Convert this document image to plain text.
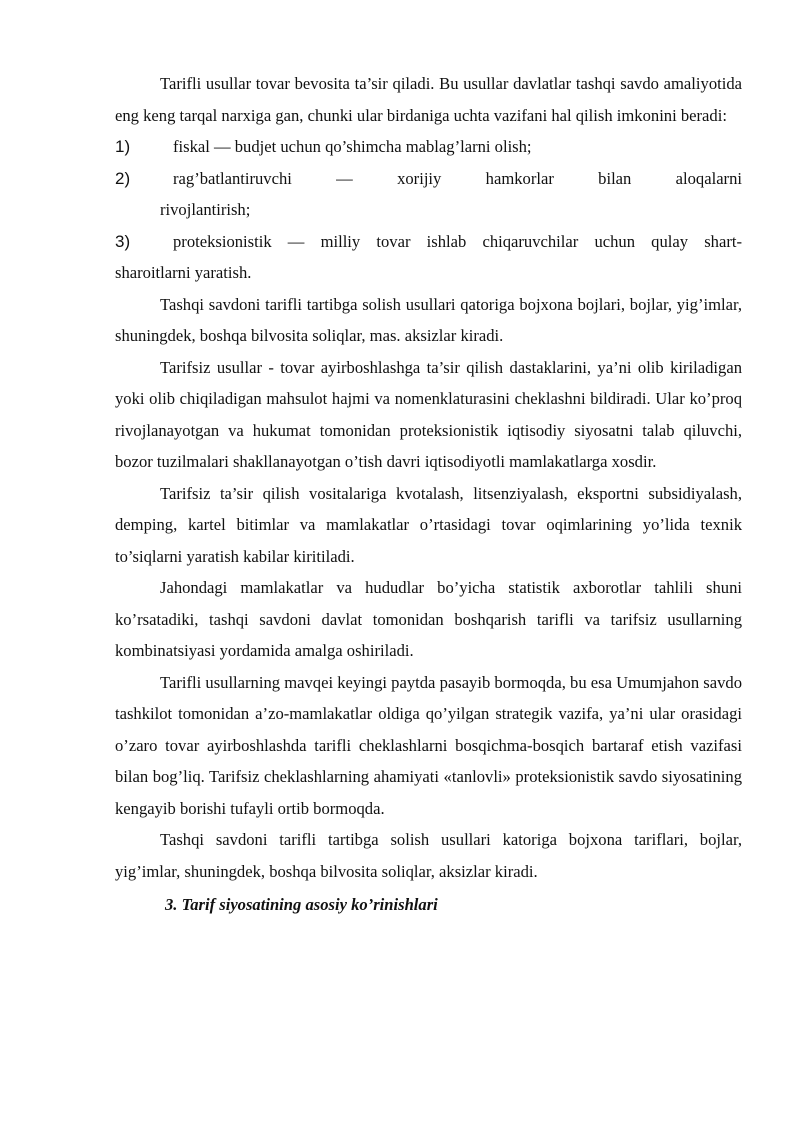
Tarifli usullar tovar bevosita ta’sir qiladi. Bu usullar davlatlar tashqi savdo amaliyotida eng keng tarqal narxiga gan, chunki ular birdaniga uchta vazifani hal qilish imkonini beradi:

1)	fiskal — budjet uchun qo’shimcha mablag’larni olish;
2)	rag’batlantiruvchi — xorijiy hamkorlar bilan aloqalarni
rivojlantirish;
3)	proteksionistik — milliy tovar ishlab chiqaruvchilar uchun qulay shart-
sharoitlarni yaratish.

Tashqi savdoni tarifli tartibga solish usullari qatoriga bojxona bojlari, bojlar, yig’imlar, shuningdek, boshqa bilvosita soliqlar, mas. aksizlar kiradi.

Tarifsiz usullar - tovar ayirboshlashga ta’sir qilish dastaklarini, ya’ni olib kiriladigan yoki olib chiqiladigan mahsulot hajmi va nomenklaturasini cheklashni bildiradi. Ular ko’proq rivojlanayotgan va hukumat tomonidan proteksionistik iqtisodiy siyosatni talab qiluvchi, bozor tuzilmalari shakllanayotgan o’tish davri iqtisodiyotli mamlakatlarga xosdir.

Tarifsiz ta’sir qilish vositalariga kvotalash, litsenziyalash, eksportni subsidiyalash, demping, kartel bitimlar va mamlakatlar o’rtasidagi tovar oqimlarining yo’lida texnik to’siqlarni yaratish kabilar kiritiladi.

Jahondagi mamlakatlar va hududlar bo’yicha statistik axborotlar tahlili shuni ko’rsatadiki, tashqi savdoni davlat tomonidan boshqarish tarifli va tarifsiz usullarning kombinatsiyasi yordamida amalga oshiriladi.

Tarifli usullarning mavqei keyingi paytda pasayib bormoqda, bu esa Umumjahon savdo tashkilot tomonidan a’zo-mamlakatlar oldiga qo’yilgan strategik vazifa, ya’ni ular orasidagi o’zaro tovar ayirboshlashda tarifli cheklashlarni bosqichma-bosqich bartaraf etish vazifasi bilan bog’liq. Tarifsiz cheklashlarning ahamiyati «tanlovli» proteksionistik savdo siyosatining kengayib borishi tufayli ortib bormoqda.

Tashqi savdoni tarifli tartibga solish usullari katoriga bojxona tariflari, bojlar, yig’imlar, shuningdek, boshqa bilvosita soliqlar, aksizlar kiradi.

3. Tarif siyosatining asosiy ko’rinishlari
